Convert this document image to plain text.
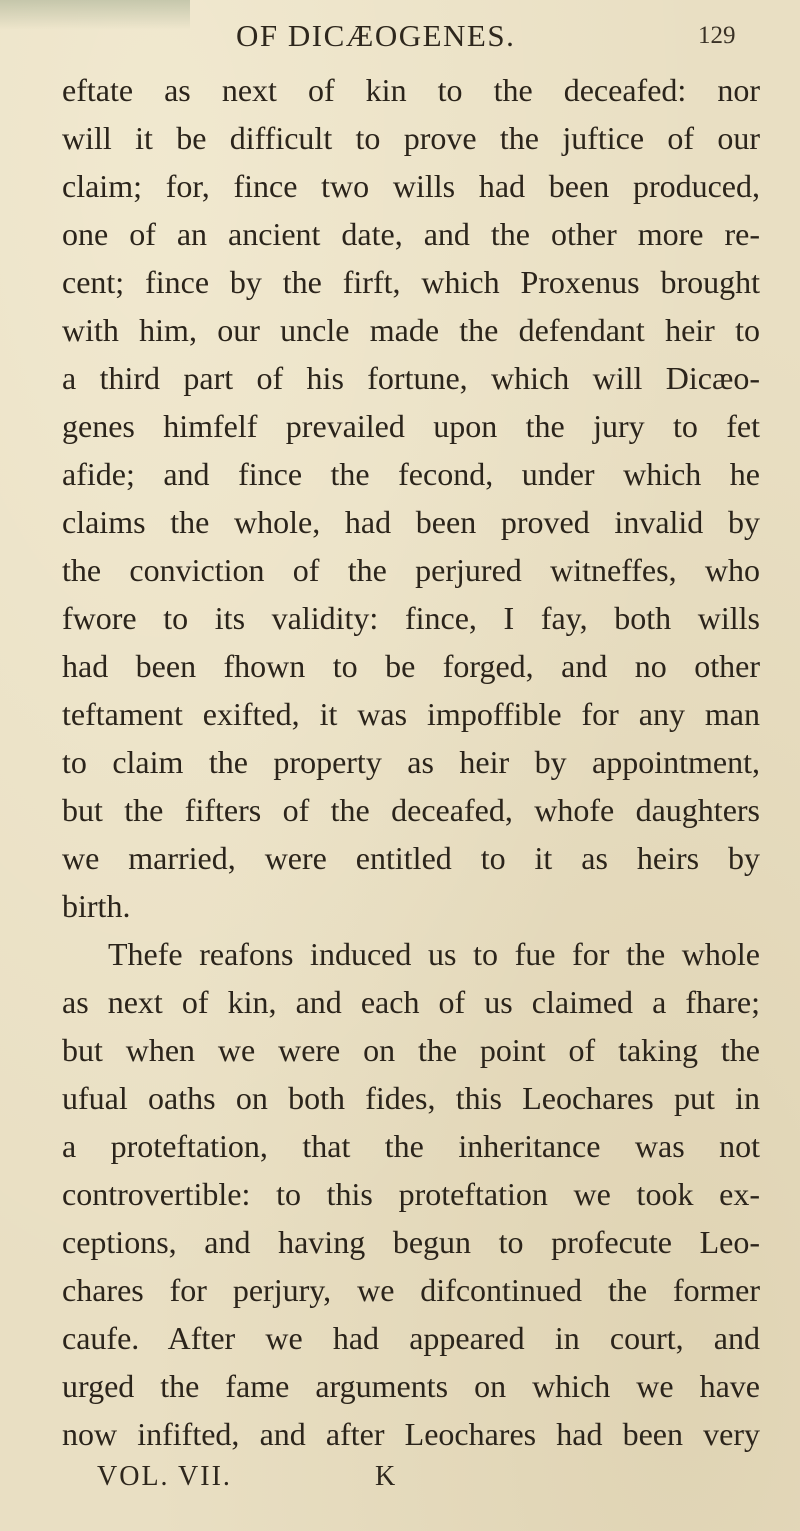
OF DICÆOGENES.	129
eftate as next of kin to the deceafed: nor
will it be difficult to prove the juftice of our
claim; for, fince two wills had been produced,
one of an ancient date, and the other more re-
cent; fince by the firft, which Proxenus brought
with him, our uncle made the defendant heir to
a third part of his fortune, which will Dicæo-
genes himfelf prevailed upon the jury to fet
afide; and fince the fecond, under which he
claims the whole, had been proved invalid by
the conviction of the perjured witneffes, who
fwore to its validity: fince, I fay, both wills
had been fhown to be forged, and no other
teftament exifted, it was impoffible for any man
to claim the property as heir by appointment,
but the fifters of the deceafed, whofe daughters
we married, were entitled to it as heirs by
birth.
Thefe reafons induced us to fue for the whole
as next of kin, and each of us claimed a fhare;
but when we were on the point of taking the
ufual oaths on both fides, this Leochares put in
a proteftation, that the inheritance was not
controvertible: to this proteftation we took ex-
ceptions, and having begun to profecute Leo-
chares for perjury, we difcontinued the former
caufe. After we had appeared in court, and
urged the fame arguments on which we have
now infifted, and after Leochares had been very
VOL. VII.	K
